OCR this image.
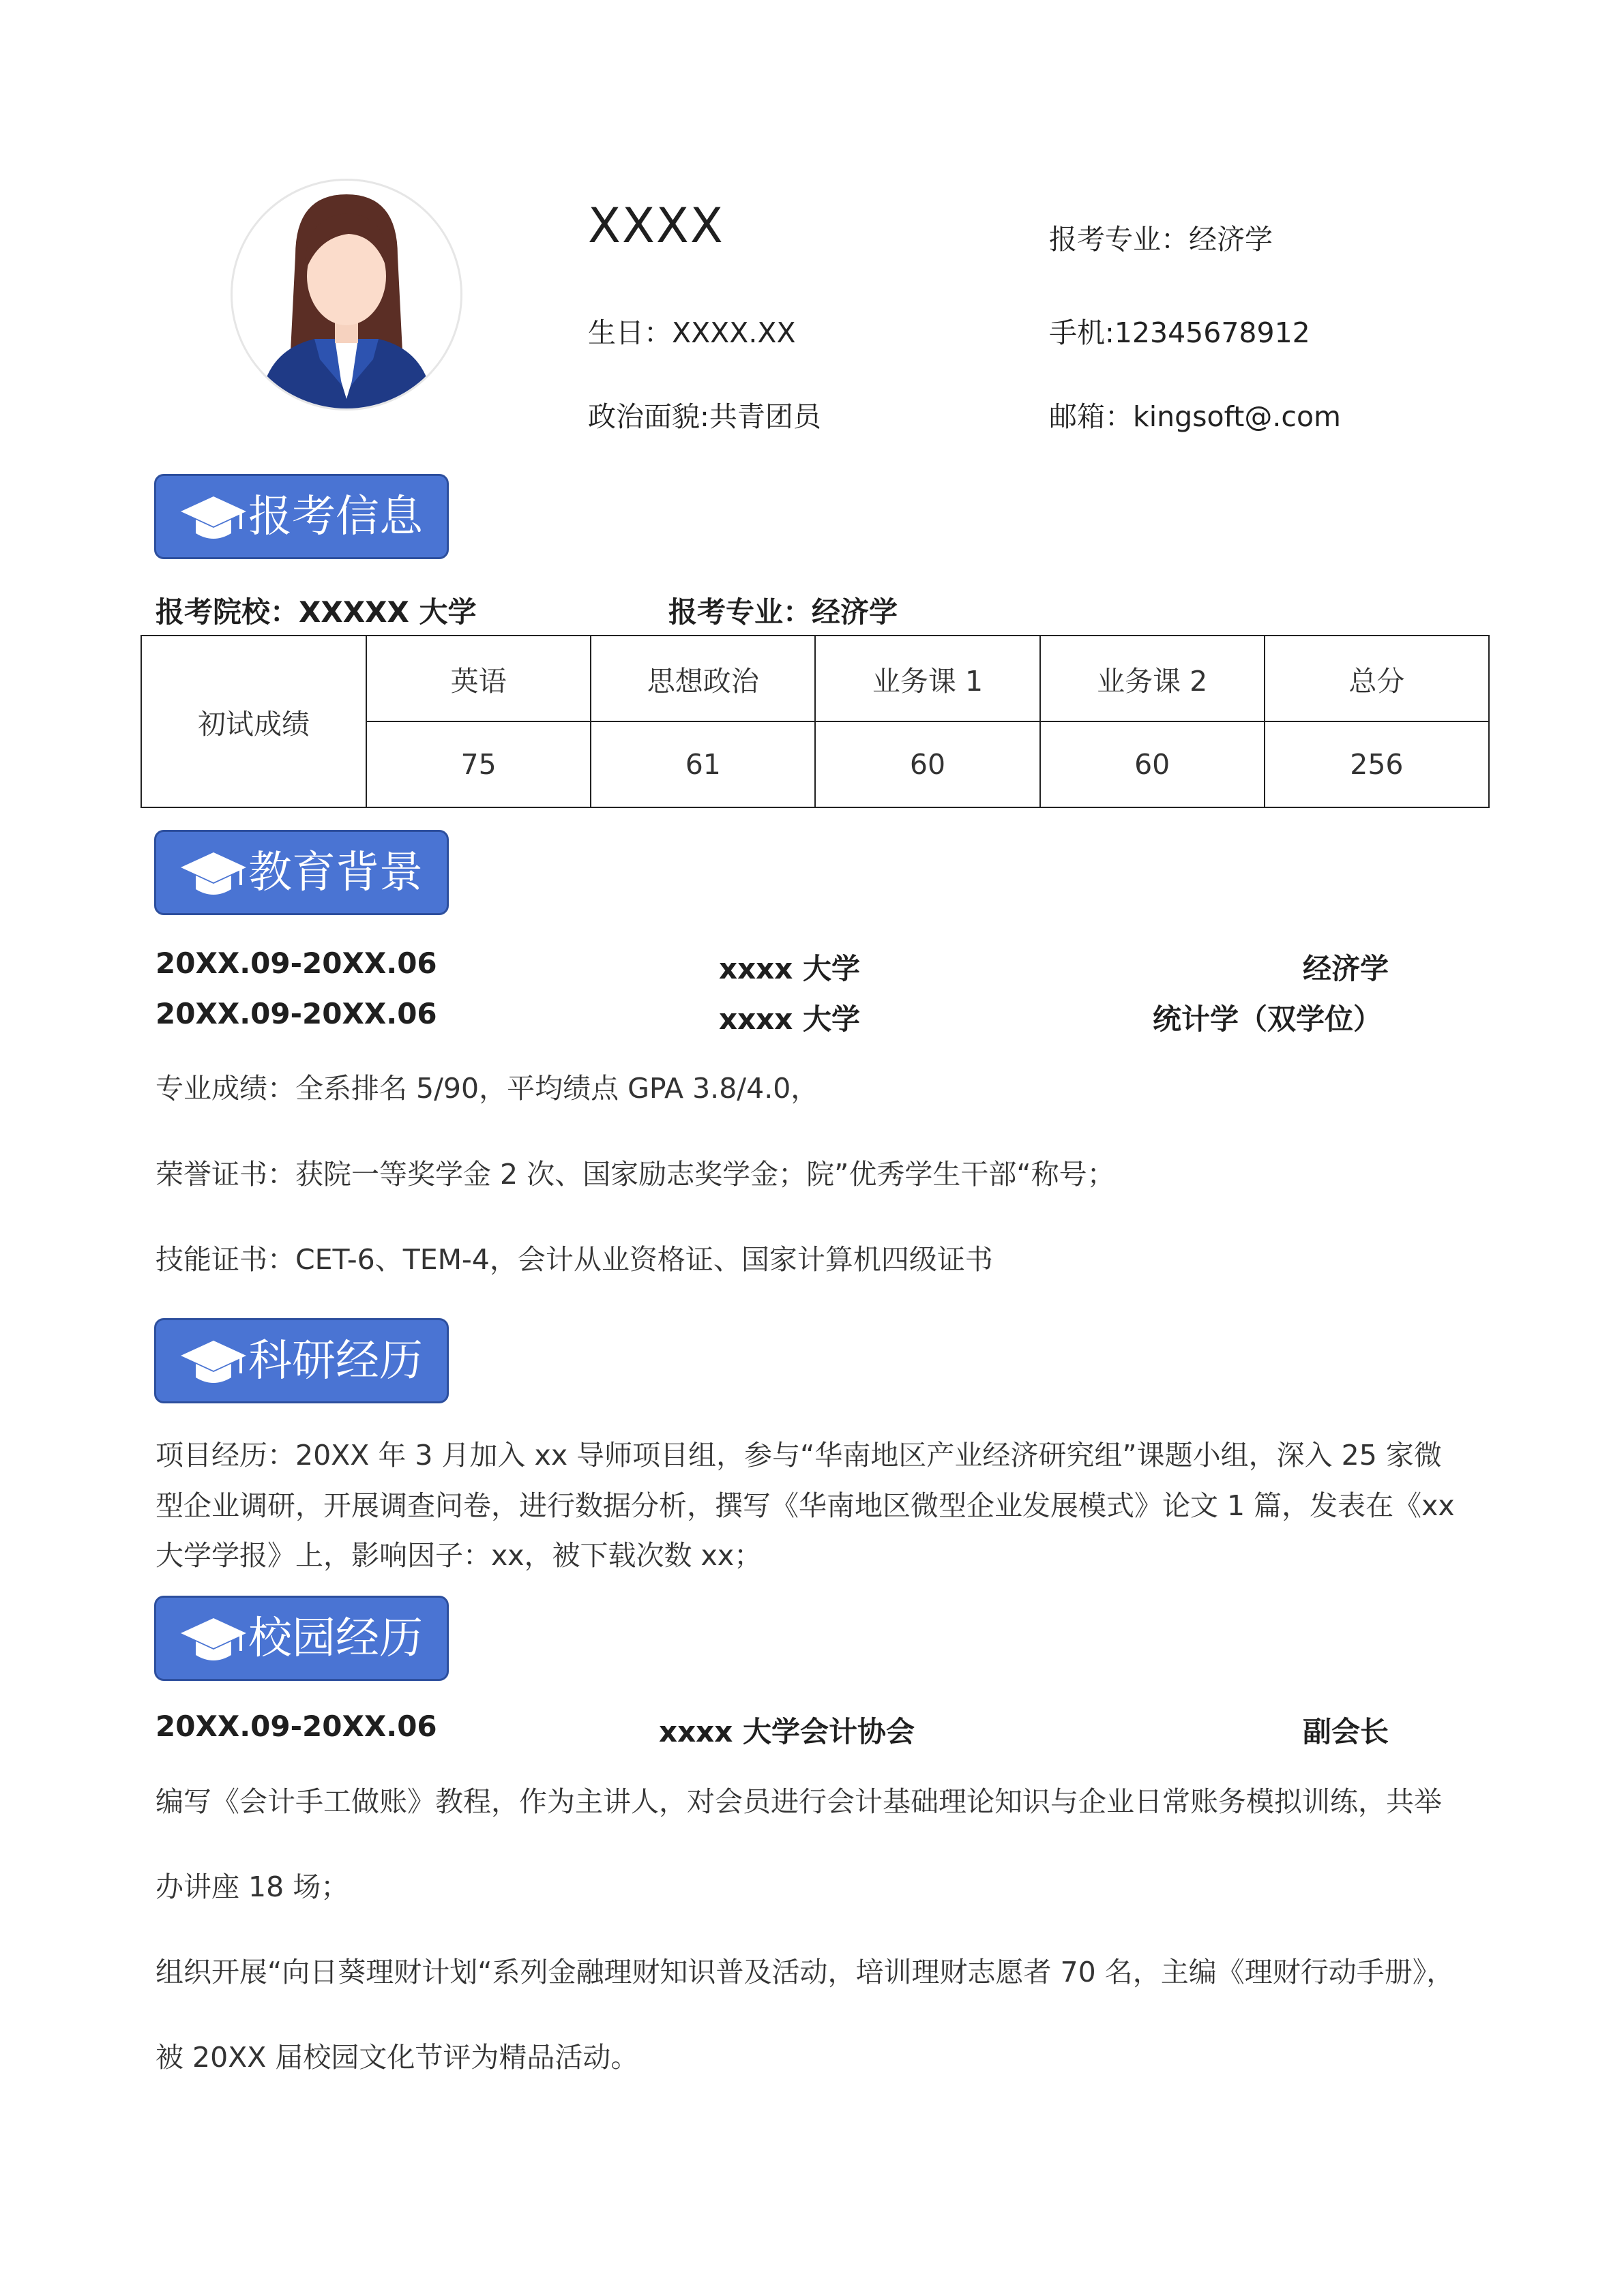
XXXX
生日：XXXX.XX
政治面貌:共青团员
报考专业：经济学
手机:12345678912
邮箱：kingsoft@.com
报考信息
报考院校：XXXXX 大学	报考专业：经济学
初试成绩	英语	思想政治	业务课 1	业务课 2	总分
	75	61	60	60	256
教育背景
20XX.09-20XX.06	xxxx 大学	经济学
20XX.09-20XX.06	xxxx 大学	统计学（双学位）
专业成绩：全系排名 5/90，平均绩点 GPA 3.8/4.0，
荣誉证书：获院一等奖学金 2 次、国家励志奖学金；院”优秀学生干部“称号；
技能证书：CET-6、TEM-4，会计从业资格证、国家计算机四级证书
科研经历
项目经历：20XX 年 3 月加入 xx 导师项目组，参与“华南地区产业经济研究组”课题小组，深入 25 家微
型企业调研，开展调查问卷，进行数据分析，撰写《华南地区微型企业发展模式》论文 1 篇，发表在《xx
大学学报》上，影响因子：xx，被下载次数 xx；
校园经历
20XX.09-20XX.06	xxxx 大学会计协会	副会长
编写《会计手工做账》教程，作为主讲人，对会员进行会计基础理论知识与企业日常账务模拟训练，共举
办讲座 18 场；
组织开展“向日葵理财计划“系列金融理财知识普及活动，培训理财志愿者 70 名，主编《理财行动手册》，
被 20XX 届校园文化节评为精品活动。
